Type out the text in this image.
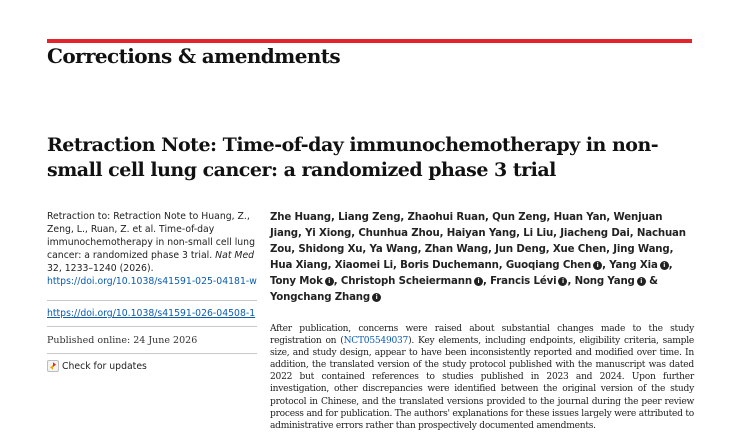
Corrections & amendments
Retraction Note: Time-of-day immunochemotherapy in non-small cell lung cancer: a randomized phase 3 trial
Retraction to: Retraction Note to Huang, Z., Zeng, L., Ruan, Z. et al. Time-of-day immunochemotherapy in non-small cell lung cancer: a randomized phase 3 trial. Nat Med 32, 1233–1240 (2026).
https://doi.org/10.1038/s41591-025-04181-w
https://doi.org/10.1038/s41591-026-04508-1
Published online: 24 June 2026
Check for updates
Zhe Huang, Liang Zeng, Zhaohui Ruan, Qun Zeng, Huan Yan, Wenjuan Jiang, Yi Xiong, Chunhua Zhou, Haiyan Yang, Li Liu, Jiacheng Dai, Nachuan Zou, Shidong Xu, Ya Wang, Zhan Wang, Jun Deng, Xue Chen, Jing Wang, Hua Xiang, Xiaomei Li, Boris Duchemann, Guoqiang Chen i , Yang Xia i , Tony Mok i , Christoph Scheiermann i , Francis Lévi i , Nong Yang i & Yongchang Zhang i
After publication, concerns were raised about substantial changes made to the study registration on (NCT05549037). Key elements, including endpoints, eligibility criteria, sample size, and study design, appear to have been inconsistently reported and modified over time. In addition, the translated version of the study protocol published with the manuscript was dated 2022 but contained references to studies published in 2023 and 2024. Upon further investigation, other discrepancies were identified between the original version of the study protocol in Chinese, and the translated versions provided to the journal during the peer review process and for publication. The authors' explanations for these issues largely were attributed to administrative errors rather than prospectively documented amendments.
